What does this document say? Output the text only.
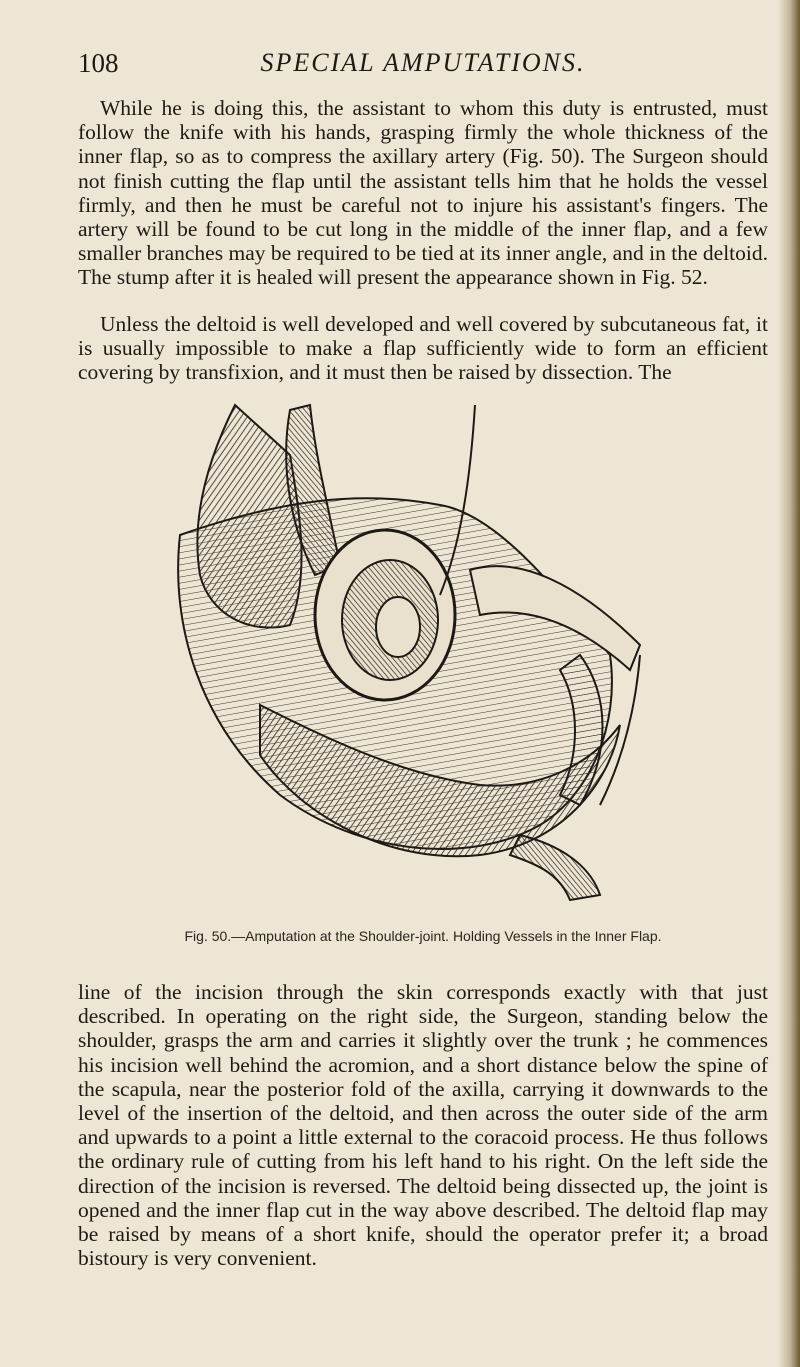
108	SPECIAL AMPUTATIONS.

While he is doing this, the assistant to whom this duty is entrusted, must follow the knife with his hands, grasping firmly the whole thickness of the inner flap, so as to compress the axillary artery (Fig. 50). The Surgeon should not finish cutting the flap until the assistant tells him that he holds the vessel firmly, and then he must be careful not to injure his assistant's fingers. The artery will be found to be cut long in the middle of the inner flap, and a few smaller branches may be required to be tied at its inner angle, and in the deltoid. The stump after it is healed will present the appearance shown in Fig. 52.

Unless the deltoid is well developed and well covered by subcutaneous fat, it is usually impossible to make a flap sufficiently wide to form an efficient covering by transfixion, and it must then be raised by dissection. The

Fig. 50.—Amputation at the Shoulder-joint. Holding Vessels in the Inner Flap.

line of the incision through the skin corresponds exactly with that just described. In operating on the right side, the Surgeon, standing below the shoulder, grasps the arm and carries it slightly over the trunk ; he commences his incision well behind the acromion, and a short distance below the spine of the scapula, near the posterior fold of the axilla, carrying it downwards to the level of the insertion of the deltoid, and then across the outer side of the arm and upwards to a point a little external to the coracoid process. He thus follows the ordinary rule of cutting from his left hand to his right. On the left side the direction of the incision is reversed. The deltoid being dissected up, the joint is opened and the inner flap cut in the way above described. The deltoid flap may be raised by means of a short knife, should the operator prefer it; a broad bistoury is very convenient.
